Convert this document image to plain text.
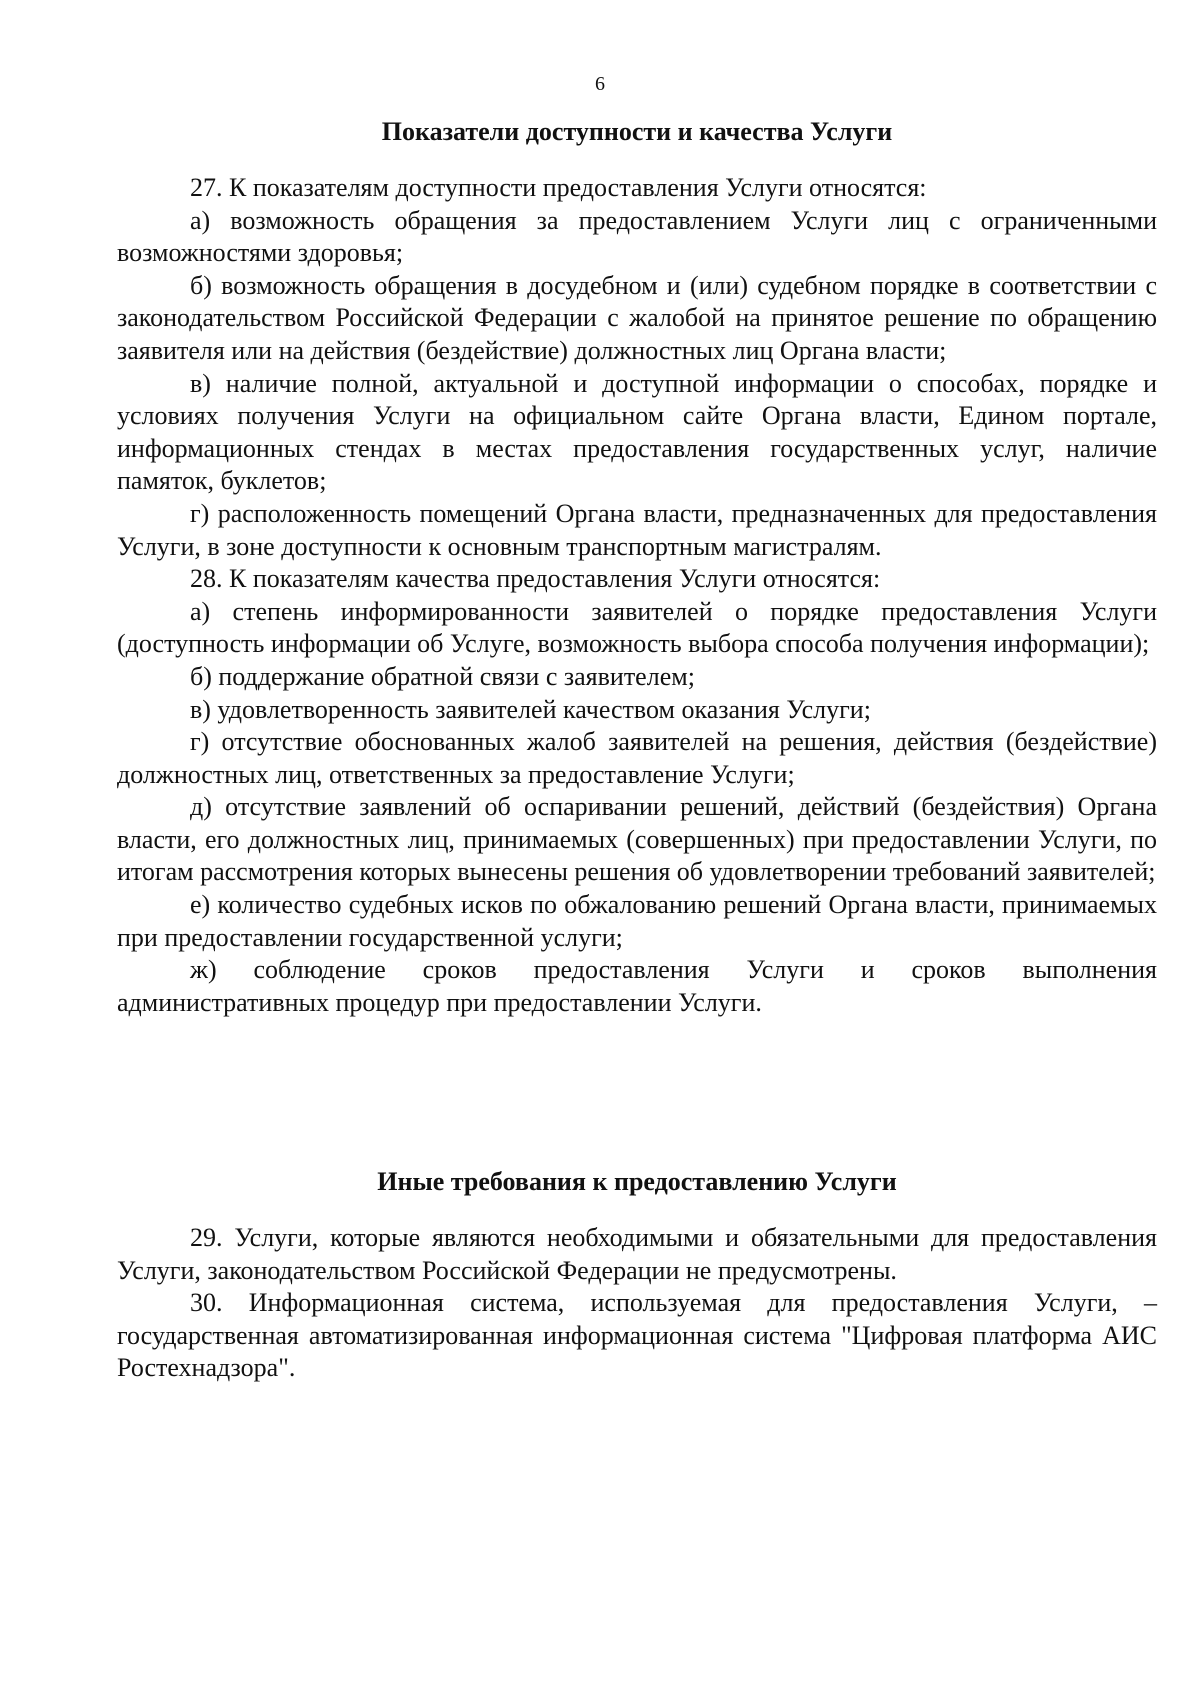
6

Показатели доступности и качества Услуги

27. К показателям доступности предоставления Услуги относятся:

а) возможность обращения за предоставлением Услуги лиц с ограниченными возможностями здоровья;

б) возможность обращения в досудебном и (или) судебном порядке в соответствии с законодательством Российской Федерации с жалобой на принятое решение по обращению заявителя или на действия (бездействие) должностных лиц Органа власти;

в) наличие полной, актуальной и доступной информации о способах, порядке и условиях получения Услуги на официальном сайте Органа власти, Едином портале, информационных стендах в местах предоставления государственных услуг, наличие памяток, буклетов;

г) расположенность помещений Органа власти, предназначенных для предоставления Услуги, в зоне доступности к основным транспортным магистралям.

28. К показателям качества предоставления Услуги относятся:

а) степень информированности заявителей о порядке предоставления Услуги (доступность информации об Услуге, возможность выбора способа получения информации);

б) поддержание обратной связи с заявителем;

в) удовлетворенность заявителей качеством оказания Услуги;

г) отсутствие обоснованных жалоб заявителей на решения, действия (бездействие) должностных лиц, ответственных за предоставление Услуги;

д) отсутствие заявлений об оспаривании решений, действий (бездействия) Органа власти, его должностных лиц, принимаемых (совершенных) при предоставлении Услуги, по итогам рассмотрения которых вынесены решения об удовлетворении требований заявителей;

е) количество судебных исков по обжалованию решений Органа власти, принимаемых при предоставлении государственной услуги;

ж) соблюдение сроков предоставления Услуги и сроков выполнения административных процедур при предоставлении Услуги.

Иные требования к предоставлению Услуги

29. Услуги, которые являются необходимыми и обязательными для предоставления Услуги, законодательством Российской Федерации не предусмотрены.

30. Информационная система, используемая для предоставления Услуги, – государственная автоматизированная информационная система "Цифровая платформа АИС Ростехнадзора".
